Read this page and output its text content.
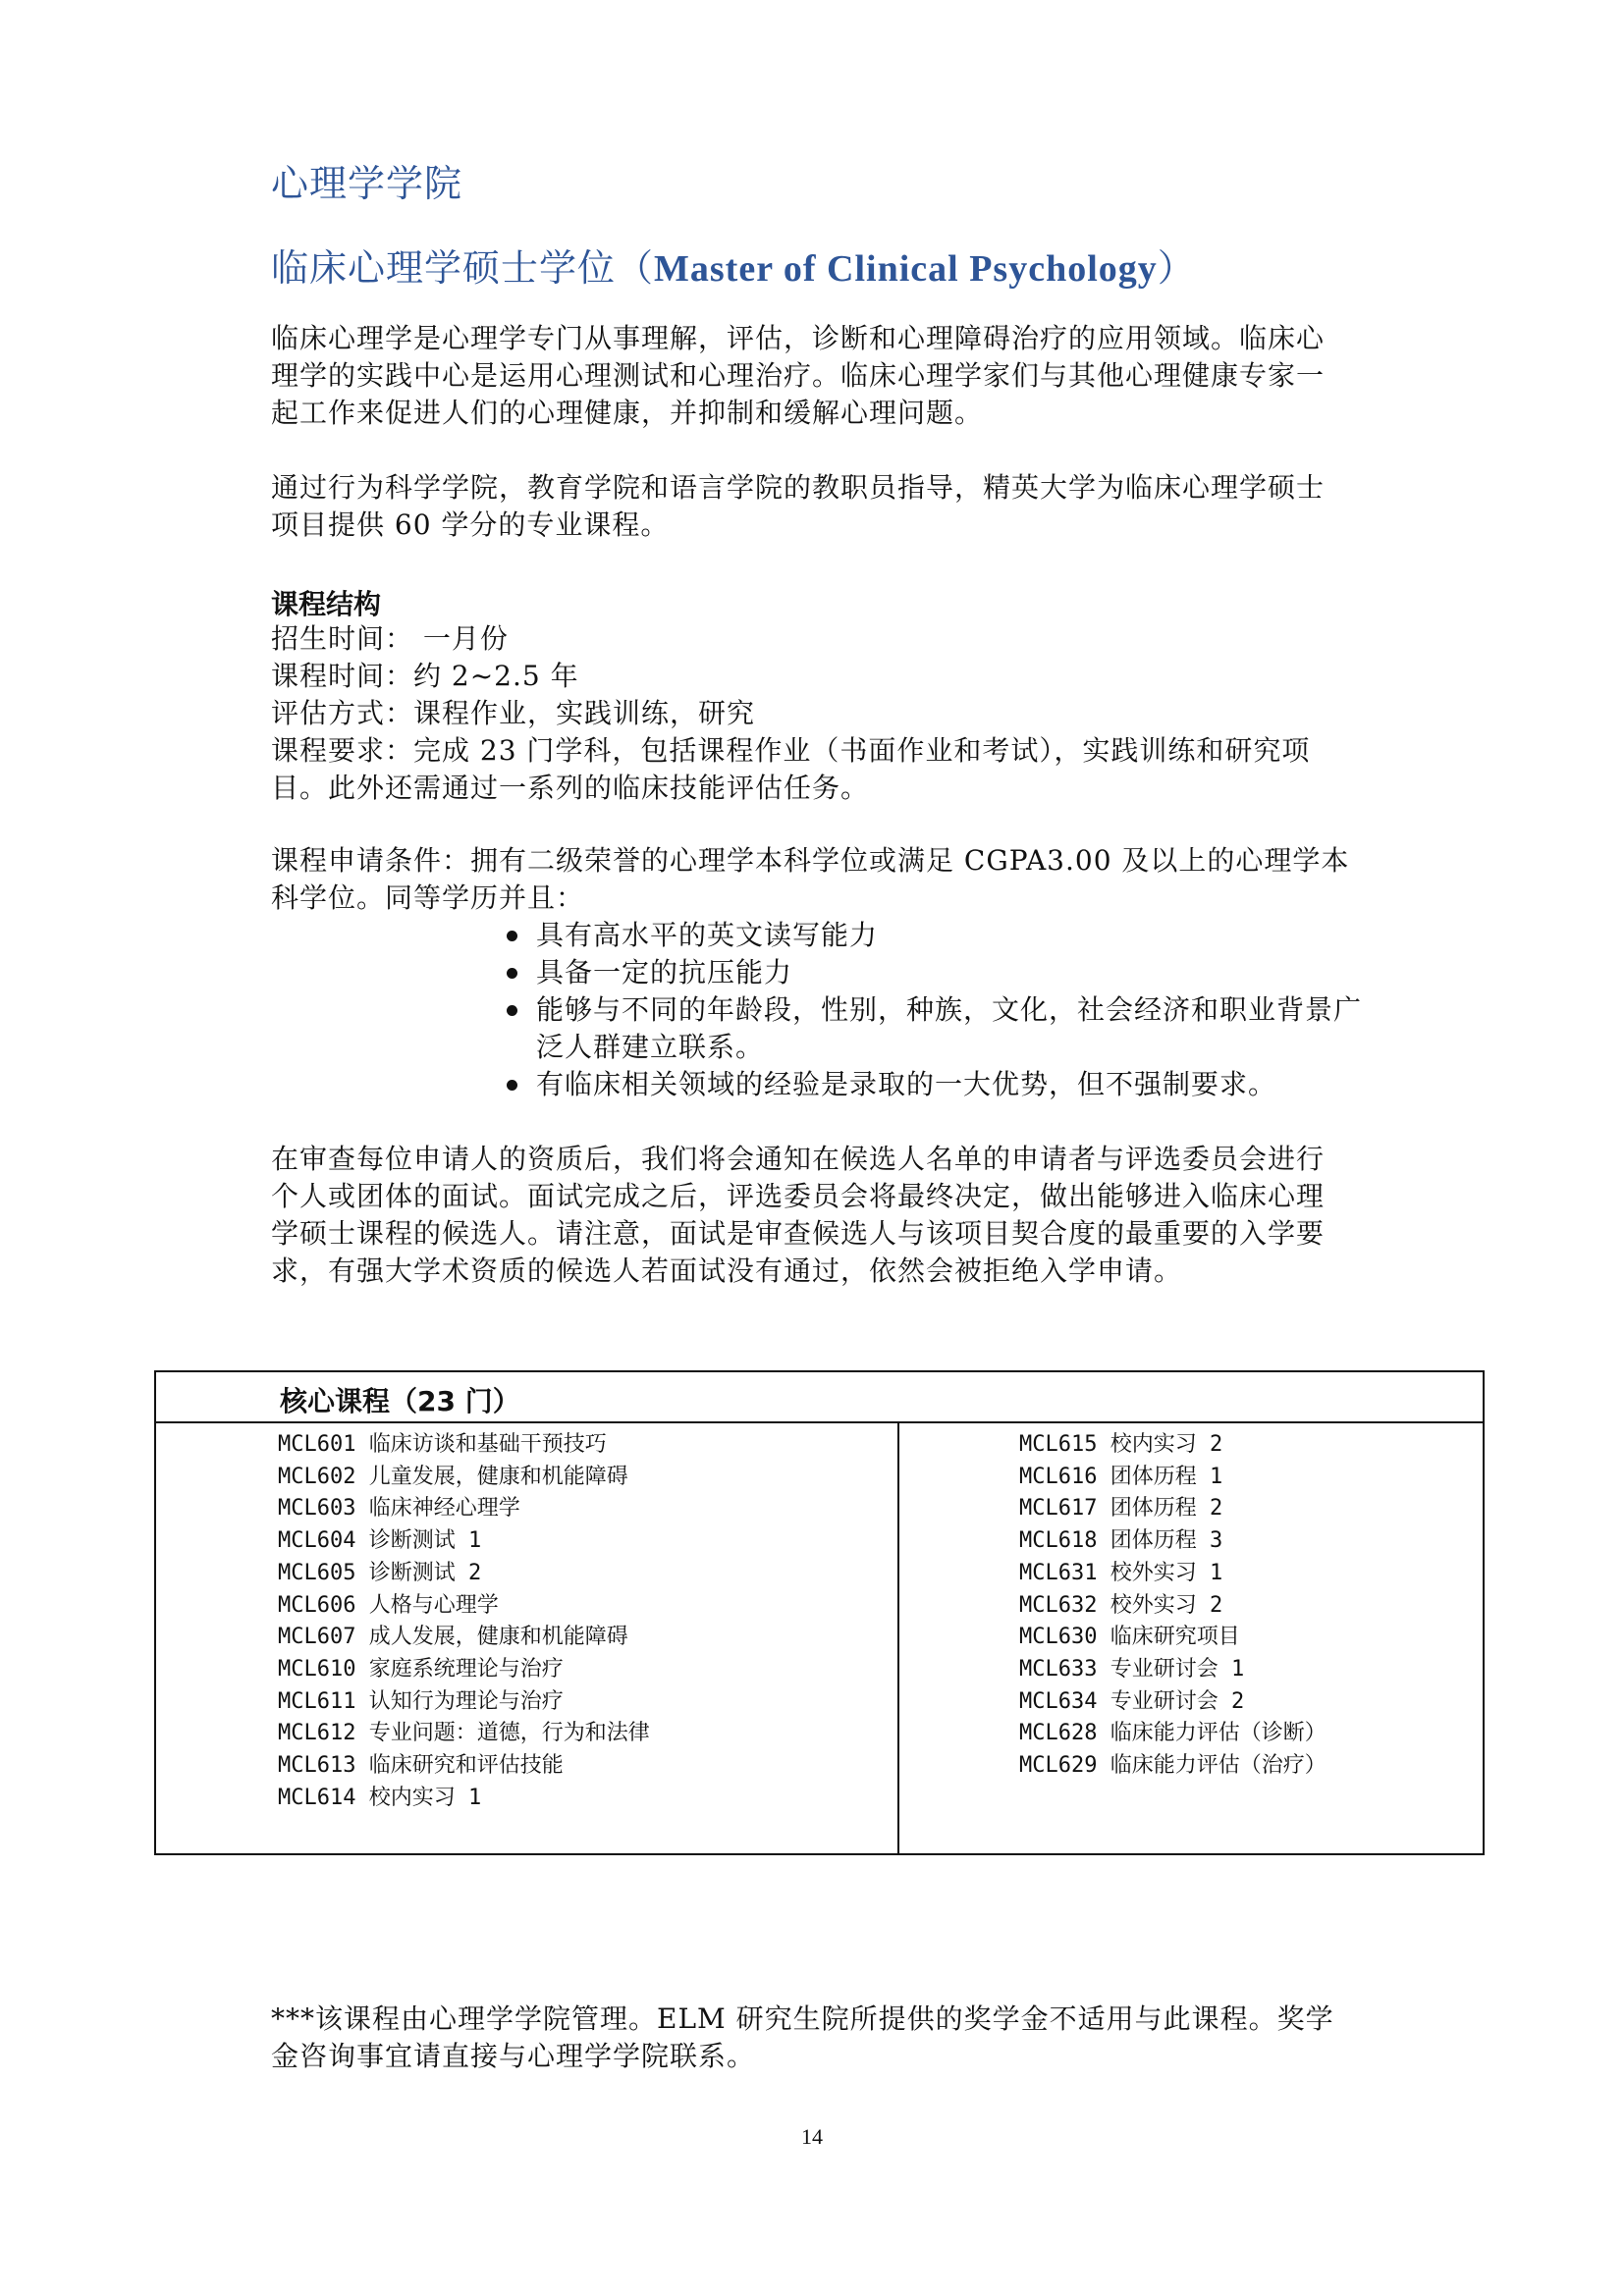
心理学学院
临床心理学硕士学位（Master of Clinical Psychology）

临床心理学是心理学专门从事理解，评估，诊断和心理障碍治疗的应用领域。临床心理学的实践中心是运用心理测试和心理治疗。临床心理学家们与其他心理健康专家一起工作来促进人们的心理健康，并抑制和缓解心理问题。

通过行为科学学院，教育学院和语言学院的教职员指导，精英大学为临床心理学硕士项目提供 60 学分的专业课程。

课程结构
招生时间： 一月份
课程时间：约 2~2.5 年
评估方式：课程作业，实践训练，研究
课程要求：完成 23 门学科，包括课程作业（书面作业和考试），实践训练和研究项目。此外还需通过一系列的临床技能评估任务。

课程申请条件：拥有二级荣誉的心理学本科学位或满足 CGPA3.00 及以上的心理学本科学位。同等学历并且：

具有高水平的英文读写能力
具备一定的抗压能力
能够与不同的年龄段，性别，种族，文化，社会经济和职业背景广泛人群建立联系。
有临床相关领域的经验是录取的一大优势，但不强制要求。

在审查每位申请人的资质后，我们将会通知在候选人名单的申请者与评选委员会进行个人或团体的面试。面试完成之后，评选委员会将最终决定，做出能够进入临床心理学硕士课程的候选人。请注意，面试是审查候选人与该项目契合度的最重要的入学要求，有强大学术资质的候选人若面试没有通过，依然会被拒绝入学申请。

核心课程（23 门）
MCL601 临床访谈和基础干预技巧
MCL602 儿童发展，健康和机能障碍
MCL603 临床神经心理学
MCL604 诊断测试 1
MCL605 诊断测试 2
MCL606 人格与心理学
MCL607 成人发展，健康和机能障碍
MCL610 家庭系统理论与治疗
MCL611 认知行为理论与治疗
MCL612 专业问题：道德，行为和法律
MCL613 临床研究和评估技能
MCL614 校内实习 1
MCL615 校内实习 2
MCL616 团体历程 1
MCL617 团体历程 2
MCL618 团体历程 3
MCL631 校外实习 1
MCL632 校外实习 2
MCL630 临床研究项目
MCL633 专业研讨会 1
MCL634 专业研讨会 2
MCL628 临床能力评估（诊断）
MCL629 临床能力评估（治疗）

***该课程由心理学学院管理。ELM 研究生院所提供的奖学金不适用与此课程。奖学金咨询事宜请直接与心理学学院联系。

14
